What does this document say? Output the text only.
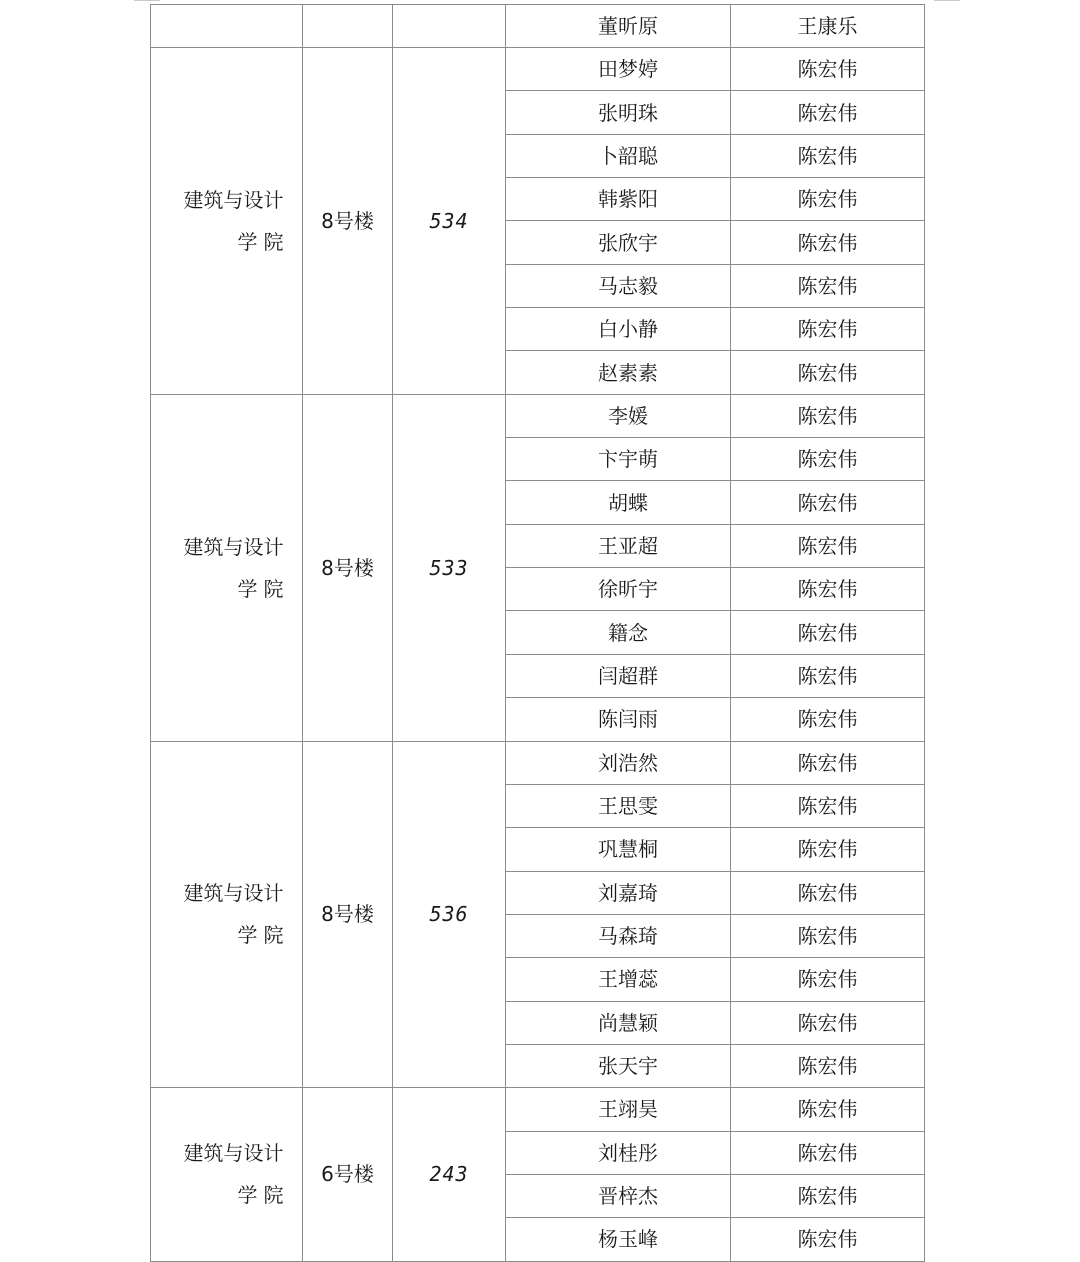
			董昕原	王康乐

建筑与设计
学院	8号楼	534	田梦婷	陈宏伟
			张明珠	陈宏伟
			卜韶聪	陈宏伟
			韩紫阳	陈宏伟
			张欣宇	陈宏伟
			马志毅	陈宏伟
			白小静	陈宏伟
			赵素素	陈宏伟

建筑与设计
学院	8号楼	533	李媛	陈宏伟
			卞宇萌	陈宏伟
			胡蝶	陈宏伟
			王亚超	陈宏伟
			徐昕宇	陈宏伟
			籍念	陈宏伟
			闫超群	陈宏伟
			陈闫雨	陈宏伟

建筑与设计
学院	8号楼	536	刘浩然	陈宏伟
			王思雯	陈宏伟
			巩慧桐	陈宏伟
			刘嘉琦	陈宏伟
			马森琦	陈宏伟
			王增蕊	陈宏伟
			尚慧颖	陈宏伟
			张天宇	陈宏伟

建筑与设计
学院	6号楼	243	王翊昊	陈宏伟
			刘桂彤	陈宏伟
			晋梓杰	陈宏伟
			杨玉峰	陈宏伟
